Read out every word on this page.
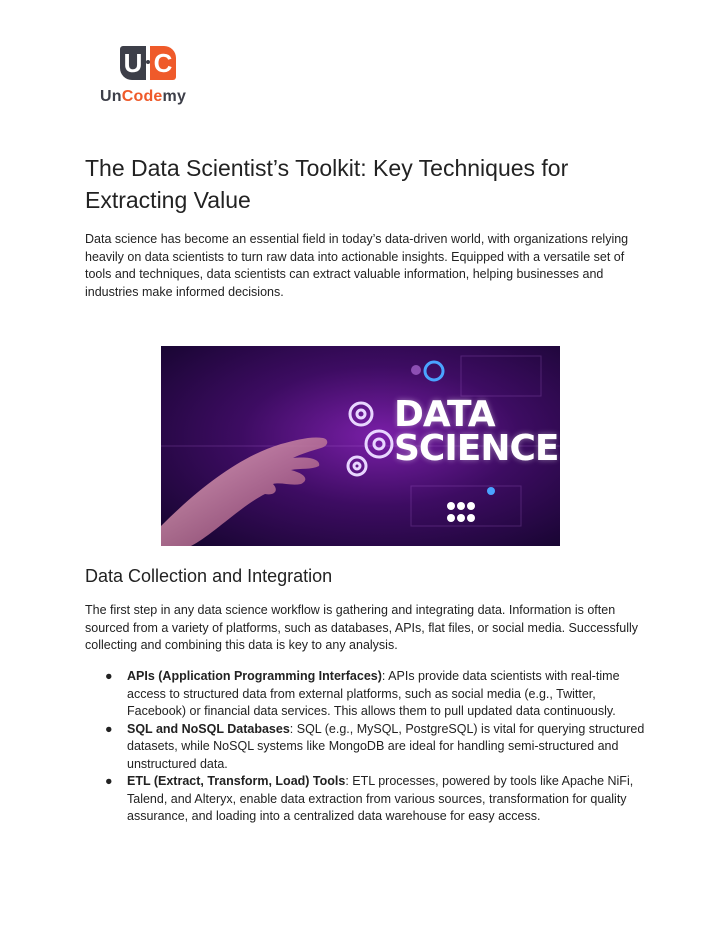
U C
UnCodemy
The Data Scientist’s Toolkit: Key Techniques for Extracting Value

Data science has become an essential field in today’s data-driven world, with organizations relying heavily on data scientists to turn raw data into actionable insights. Equipped with a versatile set of tools and techniques, data scientists can extract valuable information, helping businesses and industries make informed decisions.

DATA
SCIENCE
Data Collection and Integration

The first step in any data science workflow is gathering and integrating data. Information is often sourced from a variety of platforms, such as databases, APIs, flat files, or social media. Successfully collecting and combining this data is key to any analysis.

● APIs (Application Programming Interfaces): APIs provide data scientists with real-time access to structured data from external platforms, such as social media (e.g., Twitter, Facebook) or financial data services. This allows them to pull updated data continuously.
● SQL and NoSQL Databases: SQL (e.g., MySQL, PostgreSQL) is vital for querying structured datasets, while NoSQL systems like MongoDB are ideal for handling semi-structured and unstructured data.
● ETL (Extract, Transform, Load) Tools: ETL processes, powered by tools like Apache NiFi, Talend, and Alteryx, enable data extraction from various sources, transformation for quality assurance, and loading into a centralized data warehouse for easy access.
